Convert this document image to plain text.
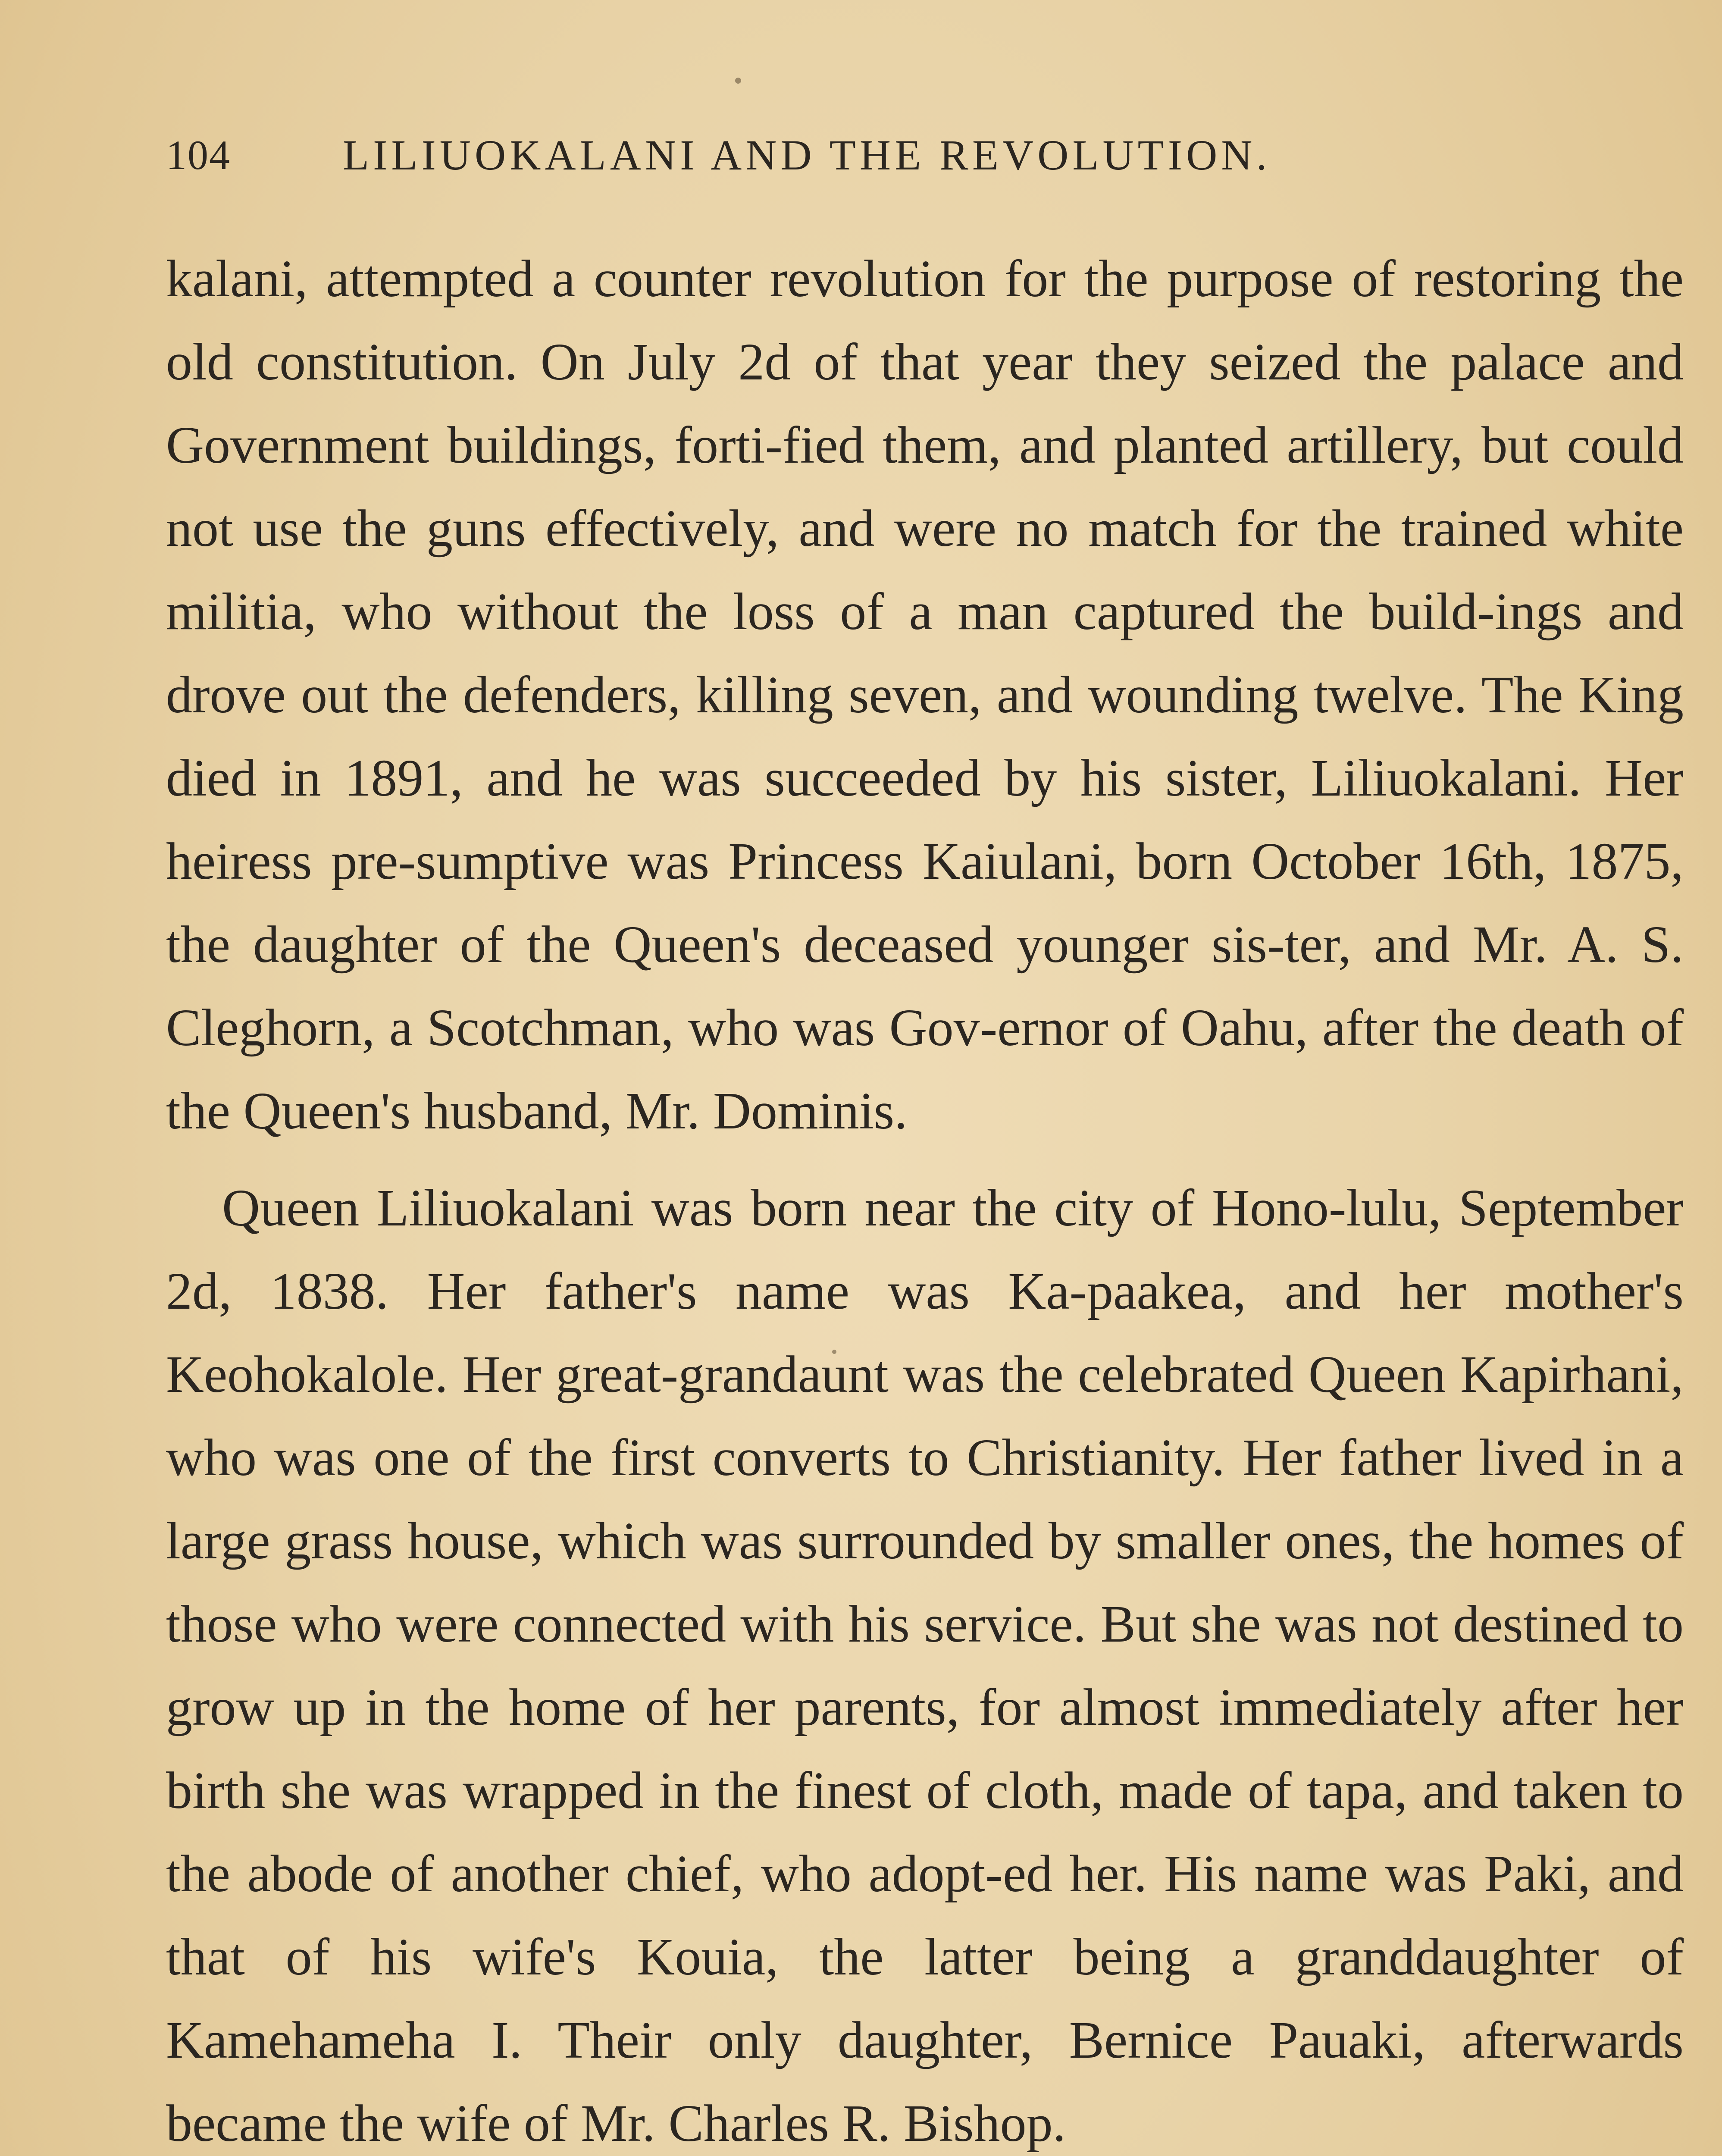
104	LILIUOKALANI AND THE REVOLUTION.

kalani, attempted a counter revolution for the purpose of restoring the old constitution. On July 2d of that year they seized the palace and Government buildings, forti-fied them, and planted artillery, but could not use the guns effectively, and were no match for the trained white militia, who without the loss of a man captured the build-ings and drove out the defenders, killing seven, and wounding twelve. The King died in 1891, and he was succeeded by his sister, Liliuokalani. Her heiress pre-sumptive was Princess Kaiulani, born October 16th, 1875, the daughter of the Queen's deceased younger sis-ter, and Mr. A. S. Cleghorn, a Scotchman, who was Gov-ernor of Oahu, after the death of the Queen's husband, Mr. Dominis.

Queen Liliuokalani was born near the city of Hono-lulu, September 2d, 1838. Her father's name was Ka-paakea, and her mother's Keohokalole. Her great-grandaunt was the celebrated Queen Kapirhani, who was one of the first converts to Christianity. Her father lived in a large grass house, which was surrounded by smaller ones, the homes of those who were connected with his service. But she was not destined to grow up in the home of her parents, for almost immediately after her birth she was wrapped in the finest of cloth, made of tapa, and taken to the abode of another chief, who adopt-ed her. His name was Paki, and that of his wife's Kouia, the latter being a granddaughter of Kamehameha I. Their only daughter, Bernice Pauaki, afterwards became the wife of Mr. Charles R. Bishop.
